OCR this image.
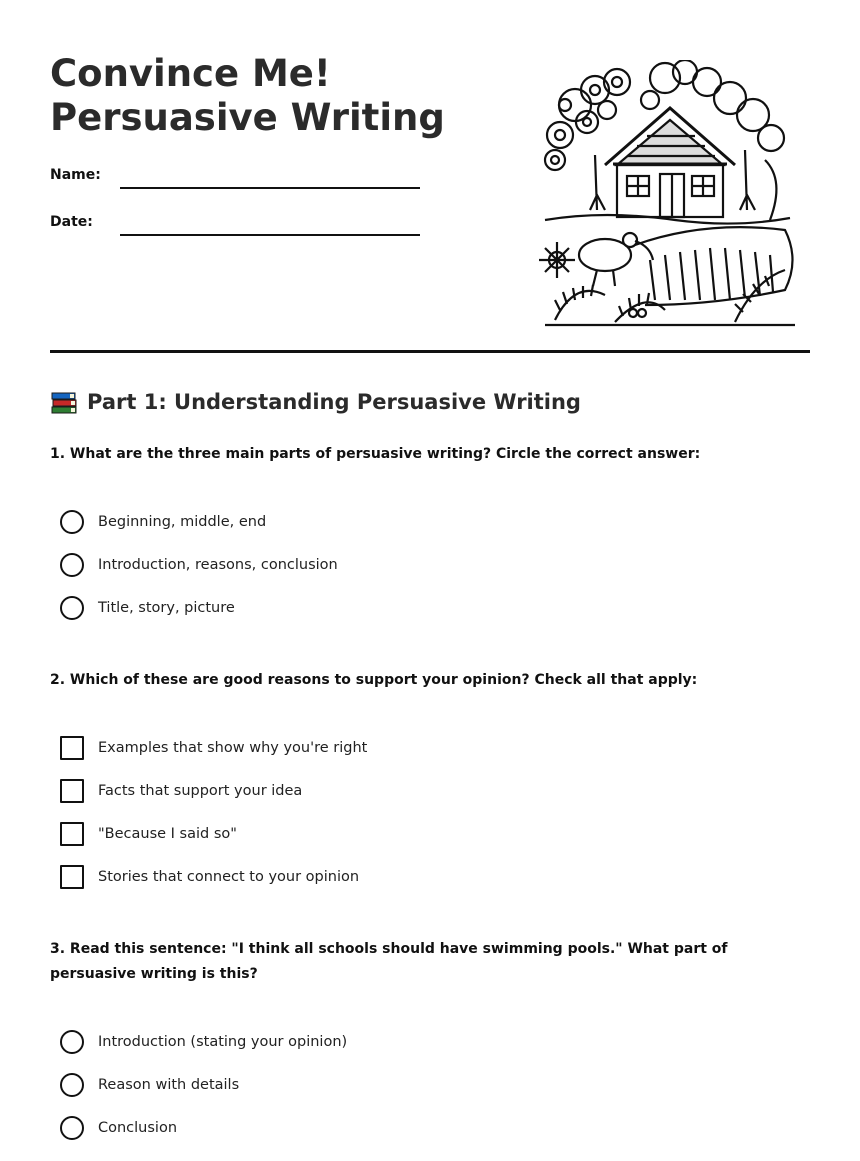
Convince Me!
Persuasive Writing
Name:
Date:
Part 1: Understanding Persuasive Writing
1. What are the three main parts of persuasive writing? Circle the correct answer:
Beginning, middle, end
Introduction, reasons, conclusion
Title, story, picture
2. Which of these are good reasons to support your opinion? Check all that apply:
Examples that show why you're right
Facts that support your idea
"Because I said so"
Stories that connect to your opinion
3. Read this sentence: "I think all schools should have swimming pools." What part of persuasive writing is this?
Introduction (stating your opinion)
Reason with details
Conclusion
